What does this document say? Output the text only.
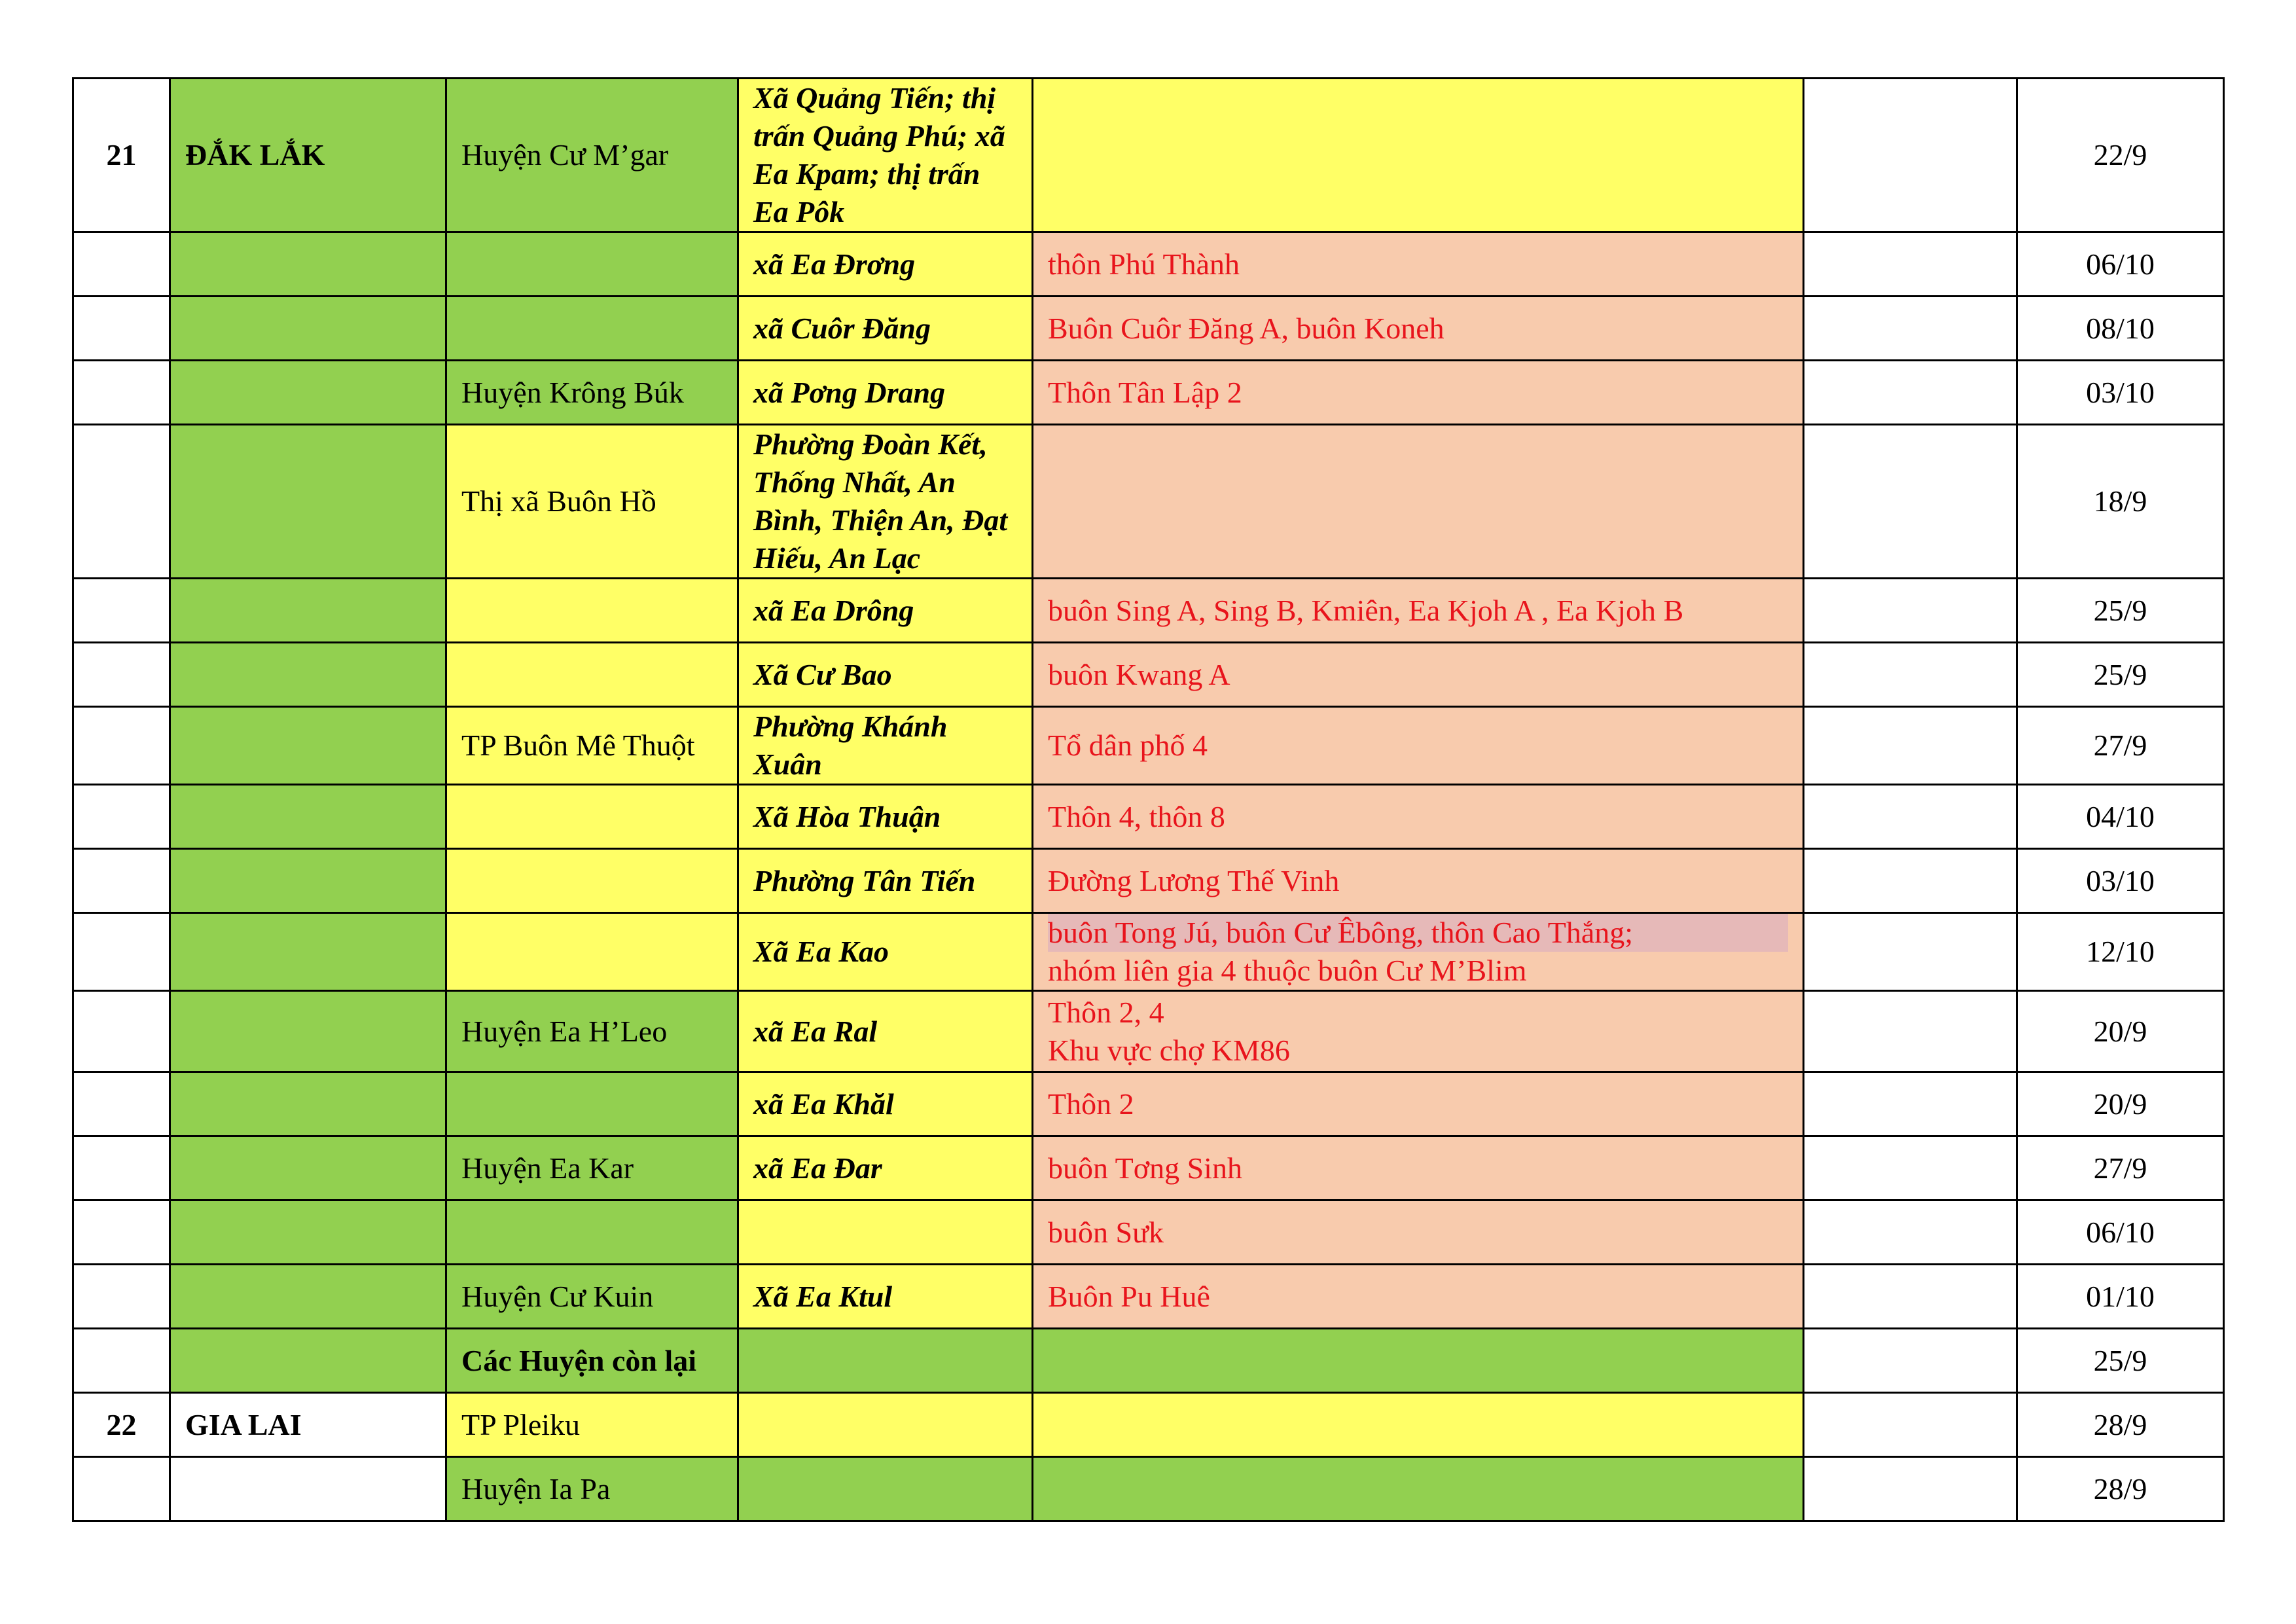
21	ĐẮK LẮK	Huyện Cư M’gar	Xã Quảng Tiến; thị trấn Quảng Phú; xã Ea Kpam; thị trấn Ea Pôk			22/9
			xã Ea Đrơng	thôn Phú Thành		06/10
			xã Cuôr Đăng	Buôn Cuôr Đăng A, buôn Koneh		08/10
		Huyện Krông Búk	xã Pơng Drang	Thôn Tân Lập 2		03/10
		Thị xã Buôn Hồ	Phường Đoàn Kết, Thống Nhất, An Bình, Thiện An, Đạt Hiếu, An Lạc			18/9
			xã Ea Drông	buôn Sing A, Sing B, Kmiên, Ea Kjoh A , Ea Kjoh B		25/9
			Xã Cư Bao	buôn Kwang A		25/9
		TP Buôn Mê Thuột	Phường Khánh Xuân	Tổ dân phố 4		27/9
			Xã Hòa Thuận	Thôn 4, thôn 8		04/10
			Phường Tân Tiến	Đường Lương Thế Vinh		03/10
			Xã Ea Kao	buôn Tong Jú, buôn Cư Êbông, thôn Cao Thắng;
nhóm liên gia 4 thuộc buôn Cư M’Blim		12/10
		Huyện Ea H’Leo	xã Ea Ral	Thôn 2, 4
Khu vực chợ KM86		20/9
			xã Ea Khăl	Thôn 2		20/9
		Huyện Ea Kar	xã Ea Đar	buôn Tơng Sinh		27/9
				buôn Sưk		06/10
		Huyện Cư Kuin	Xã Ea Ktul	Buôn Pu Huê		01/10
		Các Huyện còn lại				25/9
22	GIA LAI	TP Pleiku				28/9
		Huyện Ia Pa				28/9
